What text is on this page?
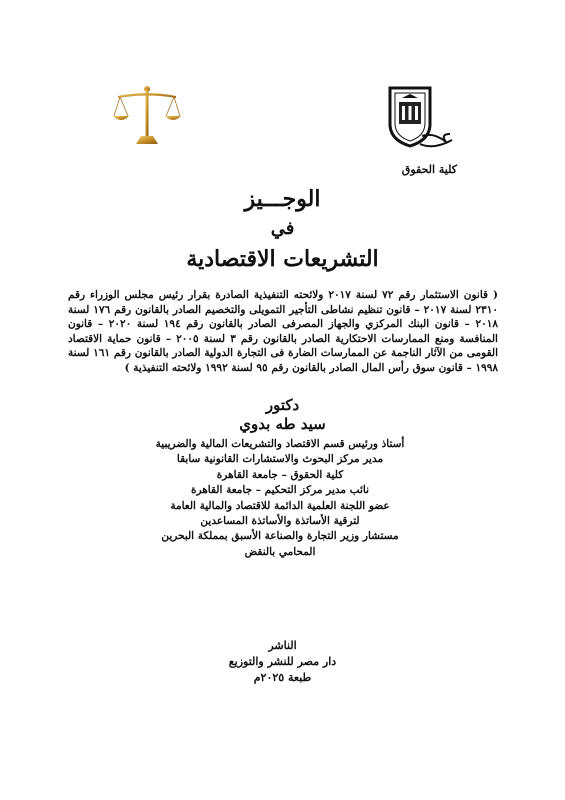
كلية الحقوق
الوجـــيز
في
التشريعات الاقتصادية
( قانون الاستثمار رقم ٧٢ لسنة ٢٠١٧ ولائحته التنفيذية الصادرة بقرار رئيس مجلس الوزراء رقم ٢٣١٠ لسنة ٢٠١٧ – قانون تنظيم نشاطى التأجير التمويلى والتخصيم الصادر بالقانون رقم ١٧٦ لسنة ٢٠١٨ – قانون البنك المركزي والجهاز المصرفى الصادر بالقانون رقم ١٩٤ لسنة ٢٠٢٠ – قانون المنافسة ومنع الممارسات الاحتكارية الصادر بالقانون رقم ٣ لسنة ٢٠٠٥ – قانون حماية الاقتصاد القومى من الآثار الناجمة عن الممارسات الضارة فى التجارة الدولية الصادر بالقانون رقم ١٦١ لسنة ١٩٩٨ – قانون سوق رأس المال الصادر بالقانون رقم ٩٥ لسنة ١٩٩٢ ولائحته التنفيذية )
دكتور
سيد طه بدوي
أستاذ ورئيس قسم الاقتصاد والتشريعات المالية والضريبية
مدير مركز البحوث والاستشارات القانونية سابقا
كلية الحقوق – جامعة القاهرة
نائب مدير مركز التحكيم – جامعة القاهرة
عضو اللجنة العلمية الدائمة للاقتصاد والمالية العامة
لترقية الأساتذة والأساتذة المساعدين
مستشار وزير التجارة والصناعة الأسبق بمملكة البحرين
المحامي بالنقض
الناشر
دار مصر للنشر والتوزيع
طبعة ٢٠٢٥م
